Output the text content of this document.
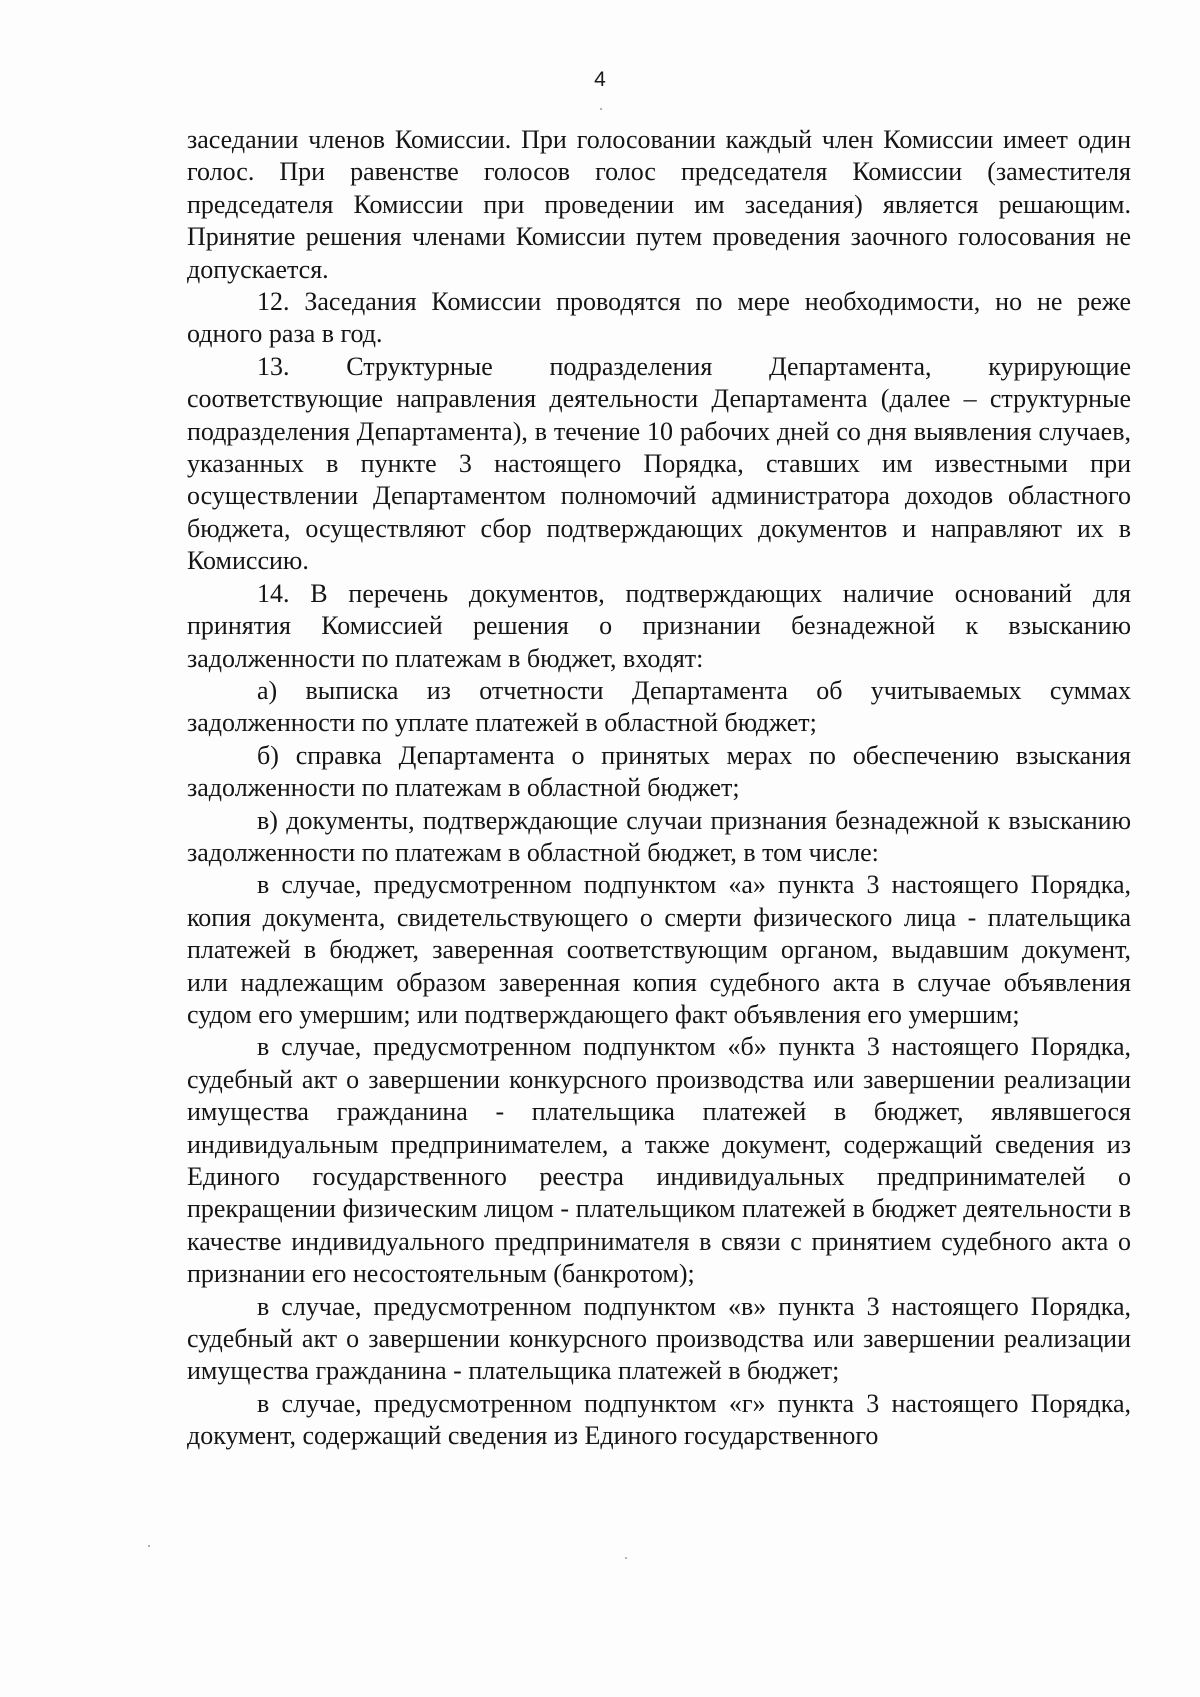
4

заседании членов Комиссии. При голосовании каждый член Комиссии имеет один голос. При равенстве голосов голос председателя Комиссии (заместителя председателя Комиссии при проведении им заседания) является решающим. Принятие решения членами Комиссии путем проведения заочного голосования не допускается.

12. Заседания Комиссии проводятся по мере необходимости, но не реже одного раза в год.

13. Структурные подразделения Департамента, курирующие соответствующие направления деятельности Департамента (далее – структурные подразделения Департамента), в течение 10 рабочих дней со дня выявления случаев, указанных в пункте 3 настоящего Порядка, ставших им известными при осуществлении Департаментом полномочий администратора доходов областного бюджета, осуществляют сбор подтверждающих документов и направляют их в Комиссию.

14. В перечень документов, подтверждающих наличие оснований для принятия Комиссией решения о признании безнадежной к взысканию задолженности по платежам в бюджет, входят:

а) выписка из отчетности Департамента об учитываемых суммах задолженности по уплате платежей в областной бюджет;

б) справка Департамента о принятых мерах по обеспечению взыскания задолженности по платежам в областной бюджет;

в) документы, подтверждающие случаи признания безнадежной к взысканию задолженности по платежам в областной бюджет, в том числе:

в случае, предусмотренном подпунктом «а» пункта 3 настоящего Порядка, копия документа, свидетельствующего о смерти физического лица - плательщика платежей в бюджет, заверенная соответствующим органом, выдавшим документ, или надлежащим образом заверенная копия судебного акта в случае объявления судом его умершим; или подтверждающего факт объявления его умершим;

в случае, предусмотренном подпунктом «б» пункта 3 настоящего Порядка, судебный акт о завершении конкурсного производства или завершении реализации имущества гражданина - плательщика платежей в бюджет, являвшегося индивидуальным предпринимателем, а также документ, содержащий сведения из Единого государственного реестра индивидуальных предпринимателей о прекращении физическим лицом - плательщиком платежей в бюджет деятельности в качестве индивидуального предпринимателя в связи с принятием судебного акта о признании его несостоятельным (банкротом);

в случае, предусмотренном подпунктом «в» пункта 3 настоящего Порядка, судебный акт о завершении конкурсного производства или завершении реализации имущества гражданина - плательщика платежей в бюджет;

в случае, предусмотренном подпунктом «г» пункта 3 настоящего Порядка, документ, содержащий сведения из Единого государственного
